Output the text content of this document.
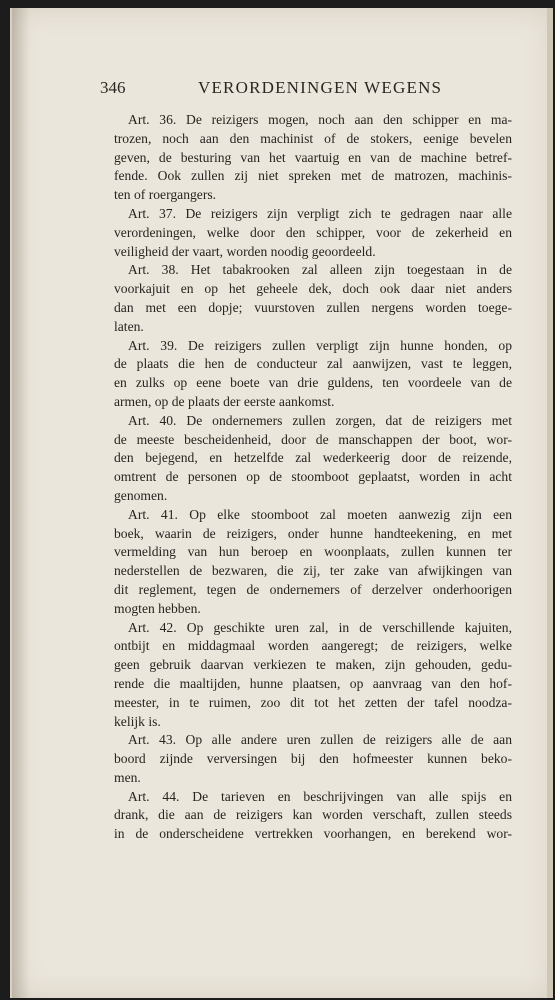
346	VERORDENINGEN WEGENS
Art. 36. De reizigers mogen, noch aan den schipper en ma-
trozen, noch aan den machinist of de stokers, eenige bevelen
geven, de besturing van het vaartuig en van de machine betref-
fende. Ook zullen zij niet spreken met de matrozen, machinis-
ten of roergangers.
Art. 37. De reizigers zijn verpligt zich te gedragen naar alle
verordeningen, welke door den schipper, voor de zekerheid en
veiligheid der vaart, worden noodig geoordeeld.
Art. 38. Het tabakrooken zal alleen zijn toegestaan in de
voorkajuit en op het geheele dek, doch ook daar niet anders
dan met een dopje; vuurstoven zullen nergens worden toege-
laten.
Art. 39. De reizigers zullen verpligt zijn hunne honden, op
de plaats die hen de conducteur zal aanwijzen, vast te leggen,
en zulks op eene boete van drie guldens, ten voordeele van de
armen, op de plaats der eerste aankomst.
Art. 40. De ondernemers zullen zorgen, dat de reizigers met
de meeste bescheidenheid, door de manschappen der boot, wor-
den bejegend, en hetzelfde zal wederkeerig door de reizende,
omtrent de personen op de stoomboot geplaatst, worden in acht
genomen.
Art. 41. Op elke stoomboot zal moeten aanwezig zijn een
boek, waarin de reizigers, onder hunne handteekening, en met
vermelding van hun beroep en woonplaats, zullen kunnen ter
nederstellen de bezwaren, die zij, ter zake van afwijkingen van
dit reglement, tegen de ondernemers of derzelver onderhoorigen
mogten hebben.
Art. 42. Op geschikte uren zal, in de verschillende kajuiten,
ontbijt en middagmaal worden aangeregt; de reizigers, welke
geen gebruik daarvan verkiezen te maken, zijn gehouden, gedu-
rende die maaltijden, hunne plaatsen, op aanvraag van den hof-
meester, in te ruimen, zoo dit tot het zetten der tafel noodza-
kelijk is.
Art. 43. Op alle andere uren zullen de reizigers alle de aan
boord zijnde verversingen bij den hofmeester kunnen beko-
men.
Art. 44. De tarieven en beschrijvingen van alle spijs en
drank, die aan de reizigers kan worden verschaft, zullen steeds
in de onderscheidene vertrekken voorhangen, en berekend wor-
